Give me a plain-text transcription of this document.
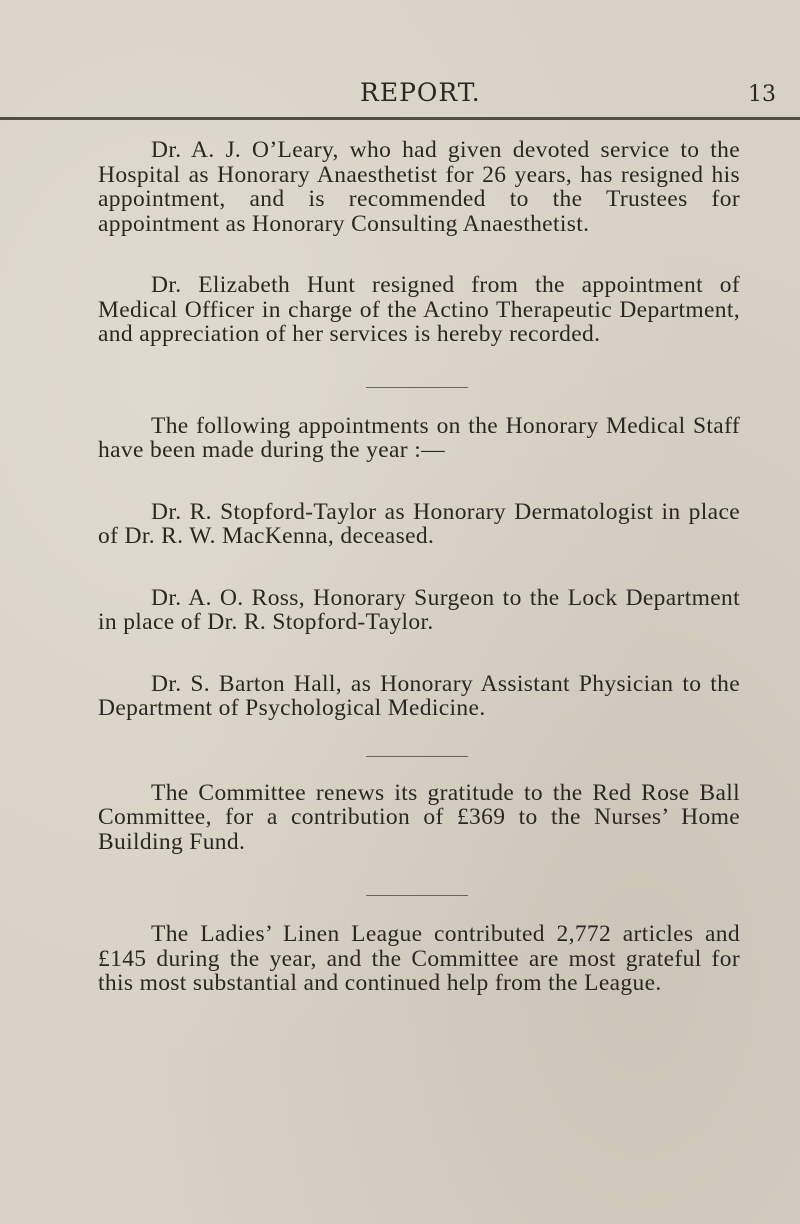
REPORT.	13

Dr. A. J. O’Leary, who had given devoted service to the Hospital as Honorary Anaesthetist for 26 years, has resigned his appointment, and is recommended to the Trustees for appointment as Honorary Consulting Anaesthetist.

Dr. Elizabeth Hunt resigned from the appointment of Medical Officer in charge of the Actino Therapeutic Department, and appreciation of her services is hereby recorded.

The following appointments on the Honorary Medical Staff have been made during the year :—

Dr. R. Stopford-Taylor as Honorary Dermatologist in place of Dr. R. W. MacKenna, deceased.

Dr. A. O. Ross, Honorary Surgeon to the Lock Department in place of Dr. R. Stopford-Taylor.

Dr. S. Barton Hall, as Honorary Assistant Physician to the Department of Psychological Medicine.

The Committee renews its gratitude to the Red Rose Ball Committee, for a contribution of £369 to the Nurses’ Home Building Fund.

The Ladies’ Linen League contributed 2,772 articles and £145 during the year, and the Committee are most grateful for this most substantial and continued help from the League.
